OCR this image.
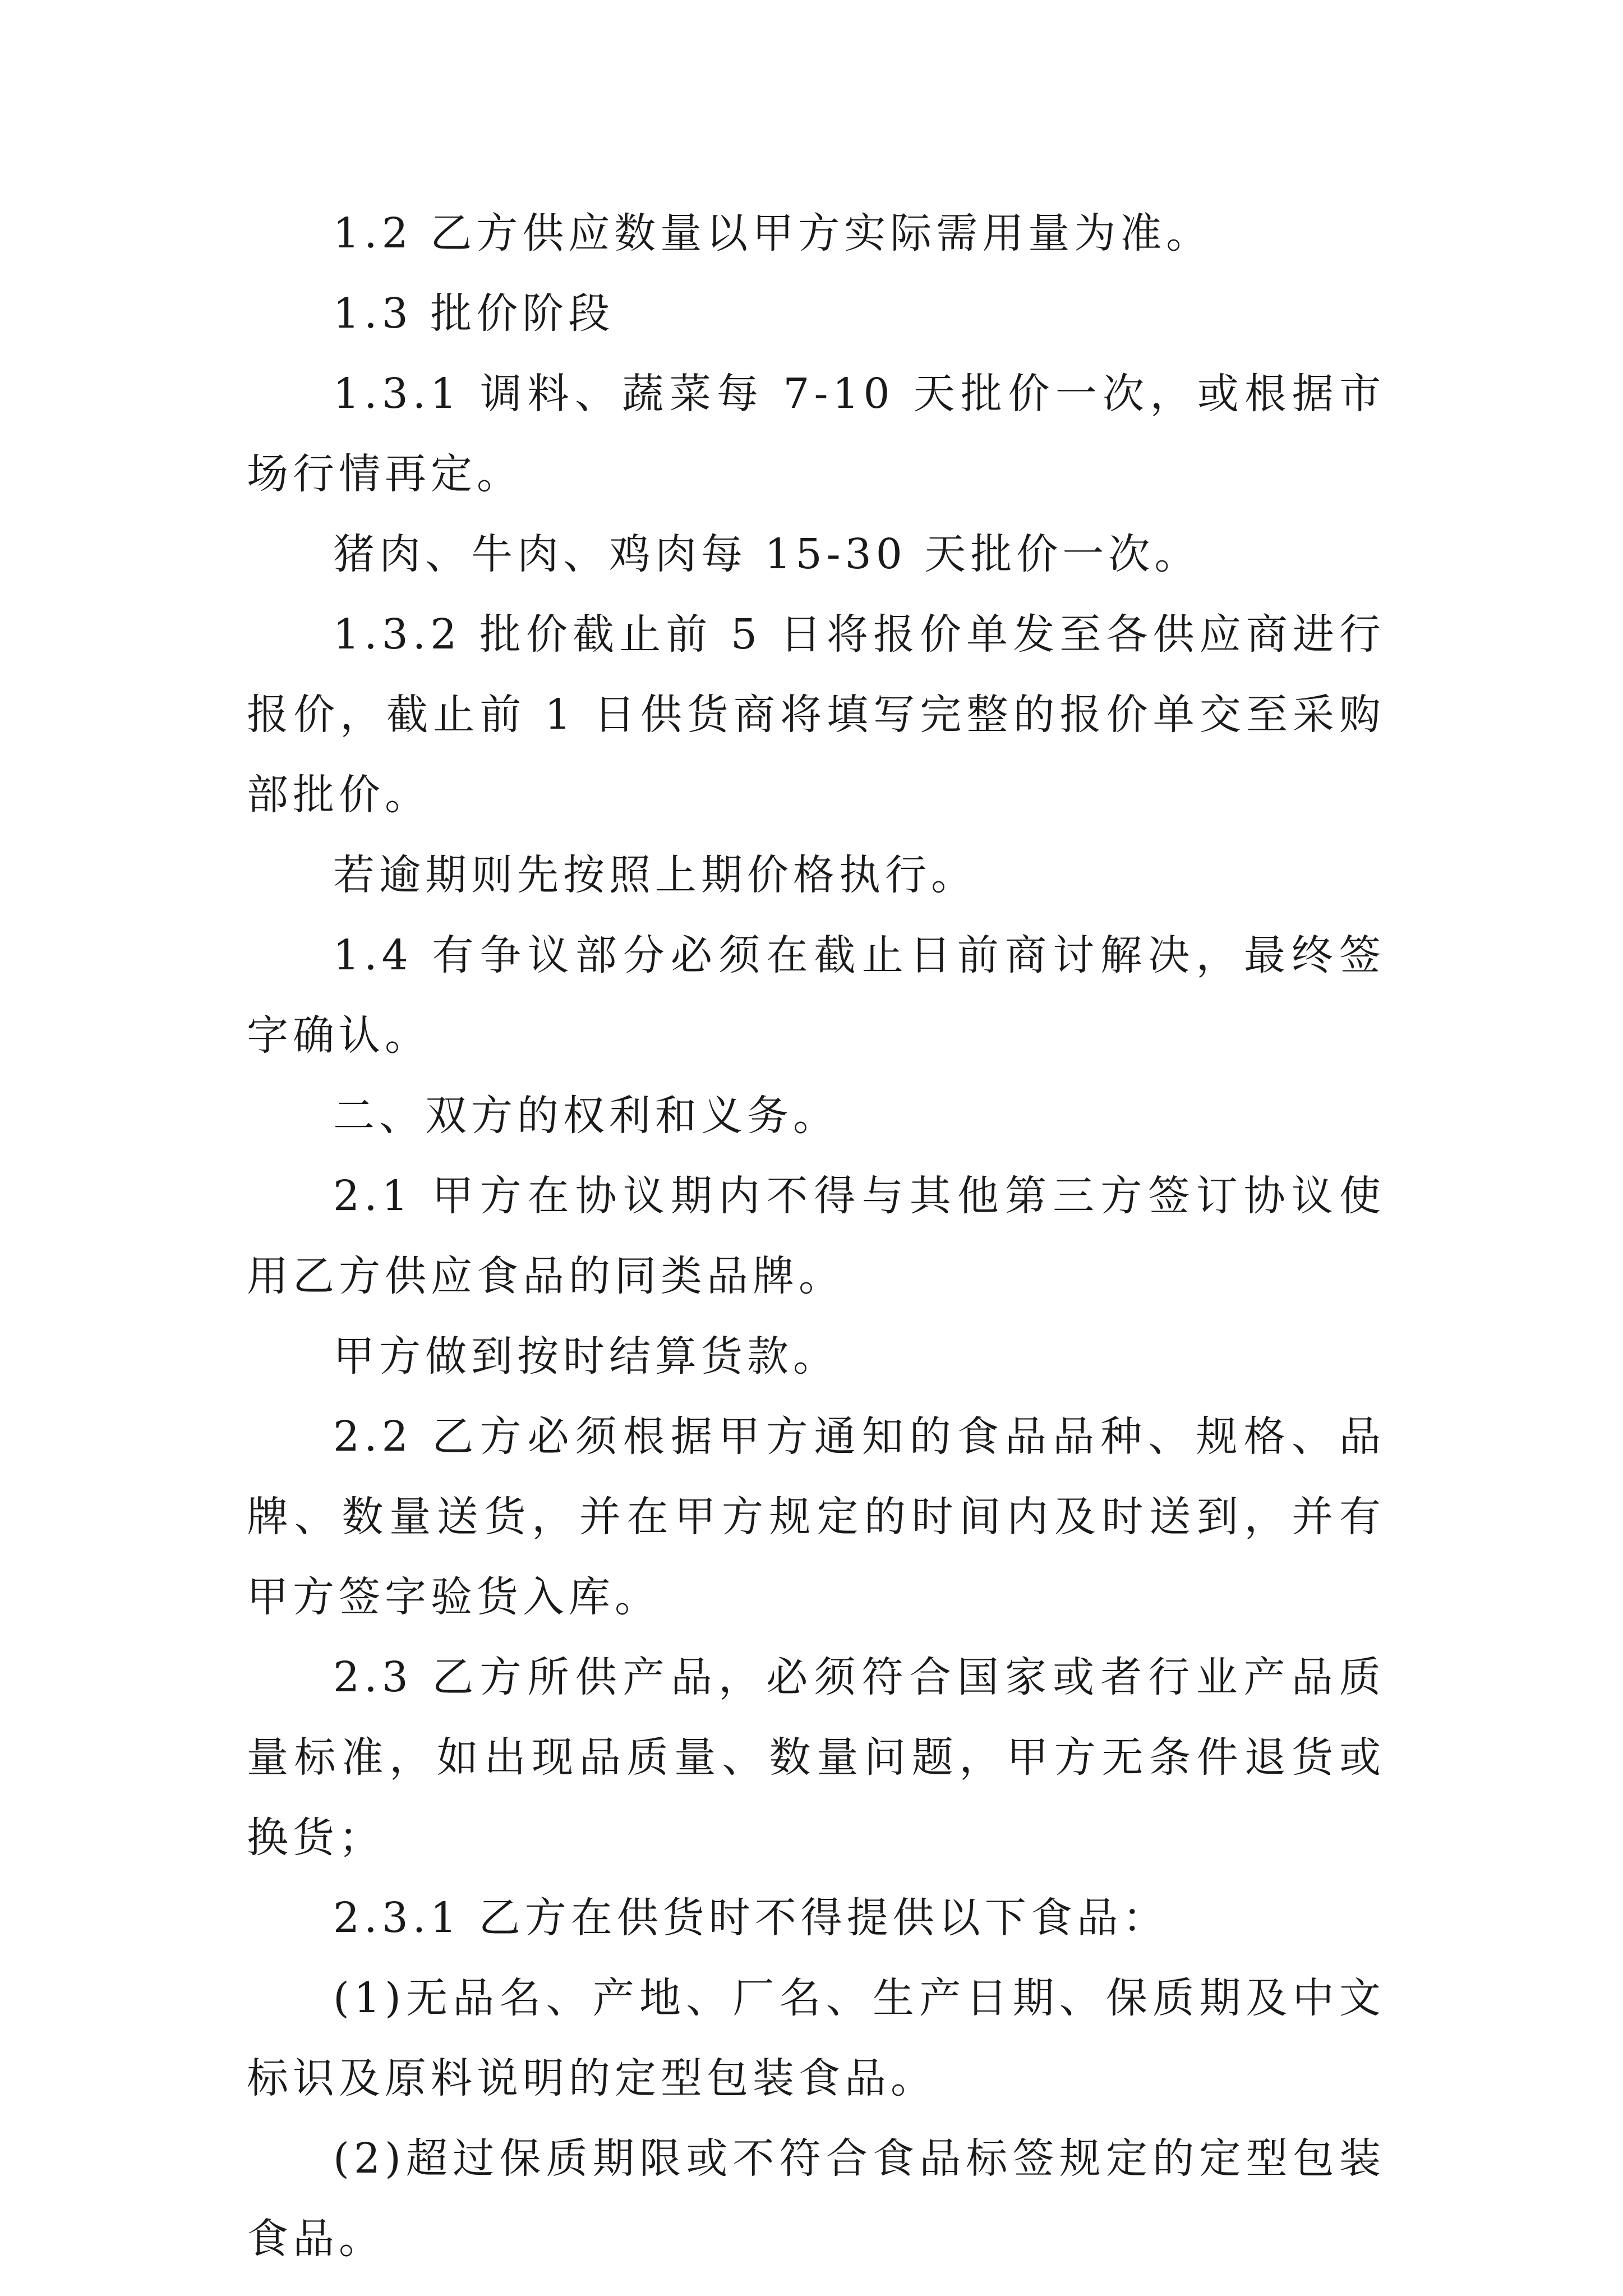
1.2 乙方供应数量以甲方实际需用量为准。

1.3 批价阶段

1.3.1 调料、蔬菜每 7-10 天批价一次，或根据市场行情再定。

猪肉、牛肉、鸡肉每 15-30 天批价一次。

1.3.2 批价截止前 5 日将报价单发至各供应商进行报价，截止前 1 日供货商将填写完整的报价单交至采购部批价。

若逾期则先按照上期价格执行。

1.4 有争议部分必须在截止日前商讨解决，最终签字确认。

二、双方的权利和义务。

2.1 甲方在协议期内不得与其他第三方签订协议使用乙方供应食品的同类品牌。

甲方做到按时结算货款。

2.2 乙方必须根据甲方通知的食品品种、规格、品牌、数量送货，并在甲方规定的时间内及时送到，并有甲方签字验货入库。

2.3 乙方所供产品，必须符合国家或者行业产品质量标准，如出现品质量、数量问题，甲方无条件退货或换货；

2.3.1 乙方在供货时不得提供以下食品：

(1)无品名、产地、厂名、生产日期、保质期及中文标识及原料说明的定型包装食品。

(2)超过保质期限或不符合食品标签规定的定型包装食品。
